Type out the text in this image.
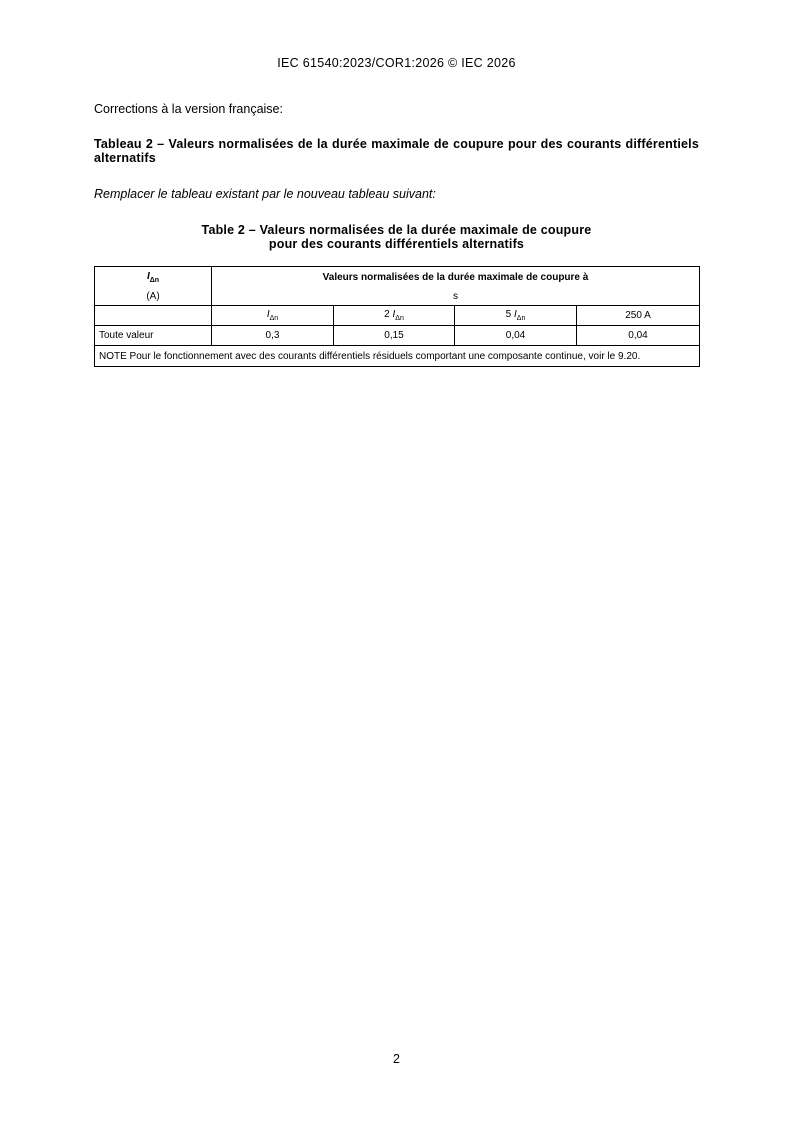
IEC 61540:2023/COR1:2026 © IEC 2026
Corrections à la version française:
Tableau 2 – Valeurs normalisées de la durée maximale de coupure pour des courants différentiels alternatifs
Remplacer le tableau existant par le nouveau tableau suivant:
Table 2 – Valeurs normalisées de la durée maximale de coupure
pour des courants différentiels alternatifs
$I_{\Delta n}$	Valeurs normalisées de la durée maximale de coupure à			
(A)	s			
	$I_{\Delta n}$	2 $I_{\Delta n}$	5 $I_{\Delta n}$	250 A
Toute valeur	0,3	0,15	0,04	0,04
NOTE Pour le fonctionnement avec des courants différentiels résiduels comportant une composante continue, voir le 9.20.				
2
